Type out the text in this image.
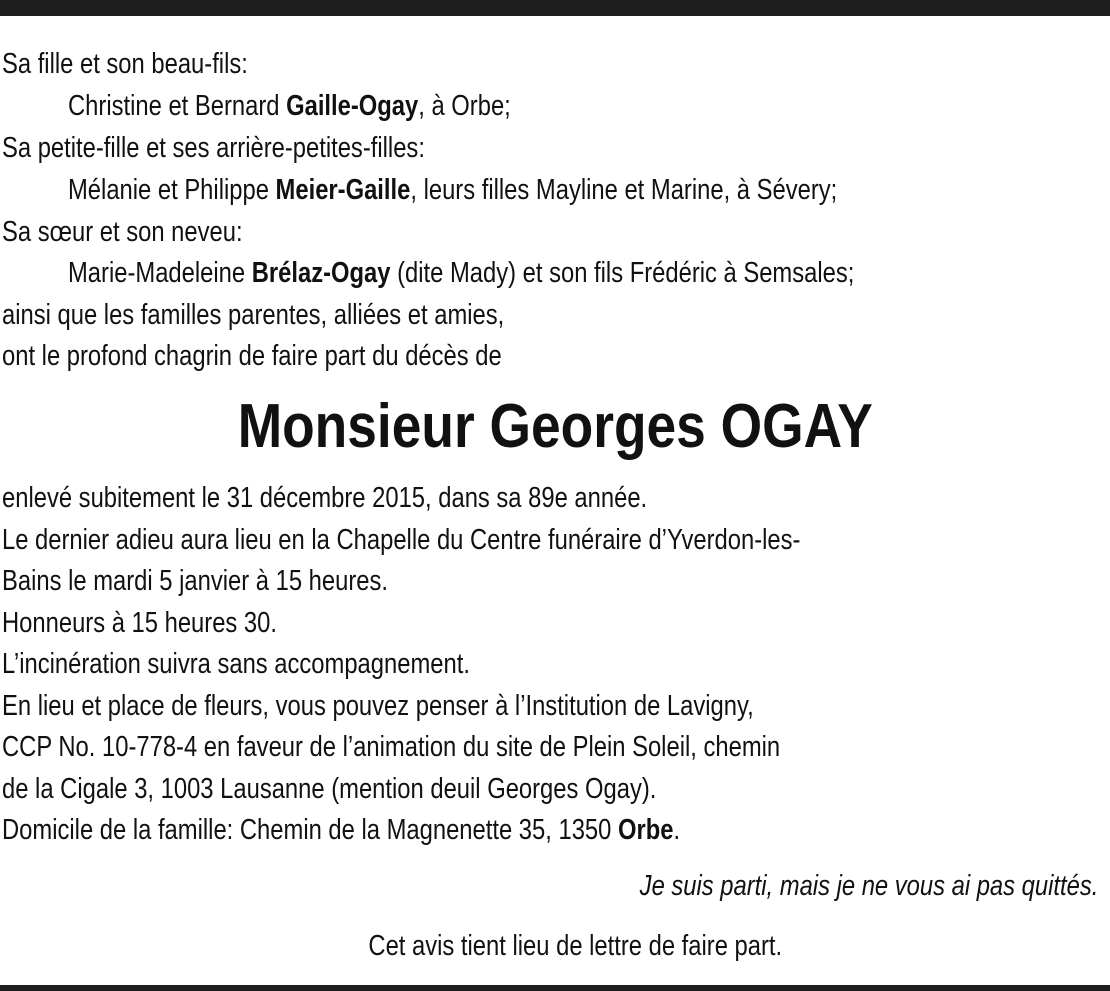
Sa fille et son beau-fils:
Christine et Bernard Gaille-Ogay, à Orbe;
Sa petite-fille et ses arrière-petites-filles:
Mélanie et Philippe Meier-Gaille, leurs filles Mayline et Marine, à Sévery;
Sa sœur et son neveu:
Marie-Madeleine Brélaz-Ogay (dite Mady) et son fils Frédéric à Semsales;
ainsi que les familles parentes, alliées et amies,
ont le profond chagrin de faire part du décès de
Monsieur Georges OGAY
enlevé subitement le 31 décembre 2015, dans sa 89e année.
Le dernier adieu aura lieu en la Chapelle du Centre funéraire d’Yverdon-les-
Bains le mardi 5 janvier à 15 heures.
Honneurs à 15 heures 30.
L’incinération suivra sans accompagnement.
En lieu et place de fleurs, vous pouvez penser à l’Institution de Lavigny,
CCP No. 10-778-4 en faveur de l’animation du site de Plein Soleil, chemin
de la Cigale 3, 1003 Lausanne (mention deuil Georges Ogay).
Domicile de la famille: Chemin de la Magnenette 35, 1350 Orbe.
Je suis parti, mais je ne vous ai pas quittés.
Cet avis tient lieu de lettre de faire part.
